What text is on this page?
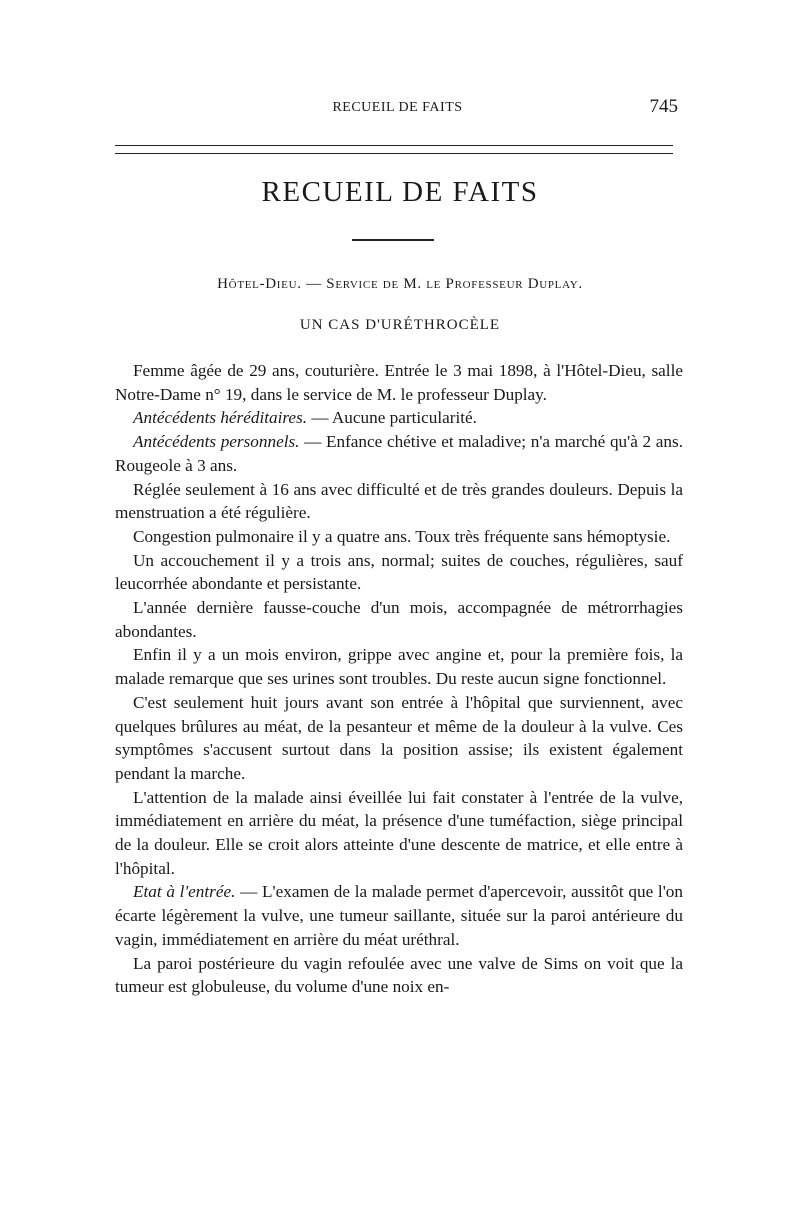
RECUEIL DE FAITS	745
RECUEIL DE FAITS
Hôtel-Dieu. — Service de M. le Professeur Duplay.
UN CAS D'URÉTHROCÈLE

Femme âgée de 29 ans, couturière. Entrée le 3 mai 1898, à l'Hôtel-Dieu, salle Notre-Dame n° 19, dans le service de M. le professeur Duplay.

Antécédents héréditaires. — Aucune particularité.

Antécédents personnels. — Enfance chétive et maladive; n'a marché qu'à 2 ans. Rougeole à 3 ans.

Réglée seulement à 16 ans avec difficulté et de très grandes douleurs. Depuis la menstruation a été régulière.

Congestion pulmonaire il y a quatre ans. Toux très fréquente sans hémoptysie.

Un accouchement il y a trois ans, normal; suites de couches, régulières, sauf leucorrhée abondante et persistante.

L'année dernière fausse-couche d'un mois, accompagnée de métrorrhagies abondantes.

Enfin il y a un mois environ, grippe avec angine et, pour la première fois, la malade remarque que ses urines sont troubles. Du reste aucun signe fonctionnel.

C'est seulement huit jours avant son entrée à l'hôpital que surviennent, avec quelques brûlures au méat, de la pesanteur et même de la douleur à la vulve. Ces symptômes s'accusent surtout dans la position assise; ils existent également pendant la marche.

L'attention de la malade ainsi éveillée lui fait constater à l'entrée de la vulve, immédiatement en arrière du méat, la présence d'une tuméfaction, siège principal de la douleur. Elle se croit alors atteinte d'une descente de matrice, et elle entre à l'hôpital.

Etat à l'entrée. — L'examen de la malade permet d'apercevoir, aussitôt que l'on écarte légèrement la vulve, une tumeur saillante, située sur la paroi antérieure du vagin, immédiatement en arrière du méat uréthral.

La paroi postérieure du vagin refoulée avec une valve de Sims on voit que la tumeur est globuleuse, du volume d'une noix en-
